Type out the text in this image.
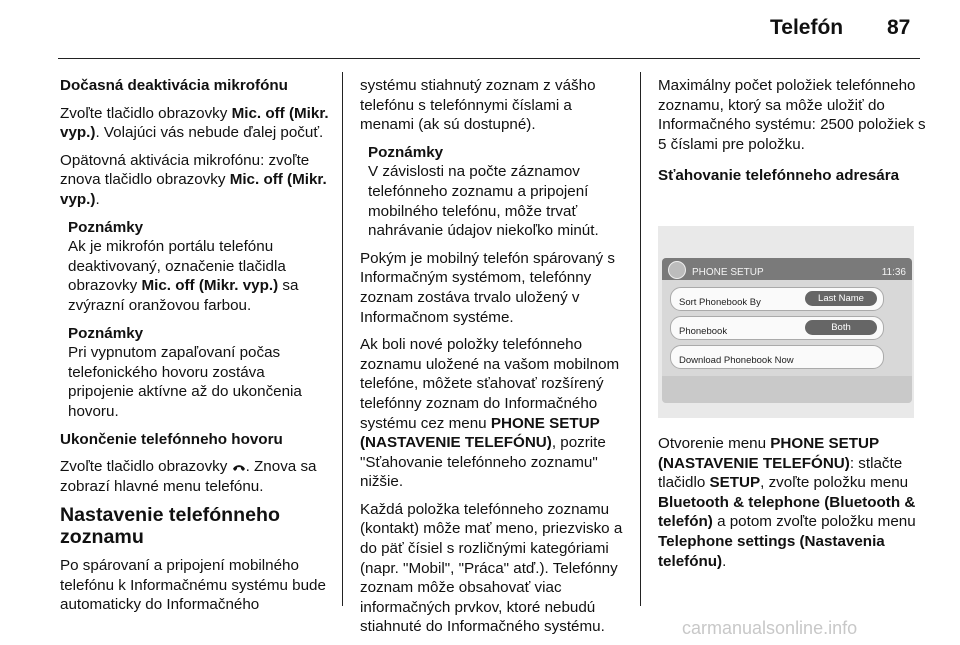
Telefón 87

Dočasná deaktivácia mikrofónu

Zvoľte tlačidlo obrazovky Mic. off (Mikr. vyp.). Volajúci vás nebude ďalej počuť.

Opätovná aktivácia mikrofónu: zvoľte znova tlačidlo obrazovky Mic. off (Mikr. vyp.).

Poznámky
Ak je mikrofón portálu telefónu deaktivovaný, označenie tlačidla obrazovky Mic. off (Mikr. vyp.) sa zvýrazní oranžovou farbou.
Poznámky
Pri vypnutom zapaľovaní počas telefonického hovoru zostáva pripojenie aktívne až do ukončenia hovoru.

Ukončenie telefónneho hovoru

Zvoľte tlačidlo obrazovky
. Znova sa zobrazí hlavné menu telefónu.

Nastavenie telefónneho zoznamu

Po spárovaní a pripojení mobilného telefónu k Informačnému systému bude automaticky do Informačného

systému stiahnutý zoznam z vášho telefónu s telefónnymi číslami a menami (ak sú dostupné).

Poznámky
V závislosti na počte záznamov telefónneho zoznamu a pripojení mobilného telefónu, môže trvať nahrávanie údajov niekoľko minút.

Pokým je mobilný telefón spárovaný s Informačným systémom, telefónny zoznam zostáva trvalo uložený v Informačnom systéme.

Ak boli nové položky telefónneho zoznamu uložené na vašom mobilnom telefóne, môžete sťahovať rozšírený telefónny zoznam do Informačného systému cez menu PHONE SETUP (NASTAVENIE TELEFÓNU), pozrite "Sťahovanie telefónneho zoznamu" nižšie.

Každá položka telefónneho zoznamu (kontakt) môže mať meno, priezvisko a do päť čísiel s rozličnými kategóriami (napr. "Mobil", "Práca" atď.). Telefónny zoznam môže obsahovať viac informačných prvkov, ktoré nebudú stiahnuté do Informačného systému.

Maximálny počet položiek telefónneho zoznamu, ktorý sa môže uložiť do Informačného systému: 2500 položiek s 5 číslami pre položku.

Sťahovanie telefónneho adresára

PHONE SETUP	11:36
Sort Phonebook By	Last Name
Phonebook	Both
Download Phonebook Now

Otvorenie menu PHONE SETUP (NASTAVENIE TELEFÓNU): stlačte tlačidlo SETUP, zvoľte položku menu Bluetooth & telephone (Bluetooth & telefón) a potom zvoľte položku menu Telephone settings (Nastavenia telefónu).

carmanualsonline.info
